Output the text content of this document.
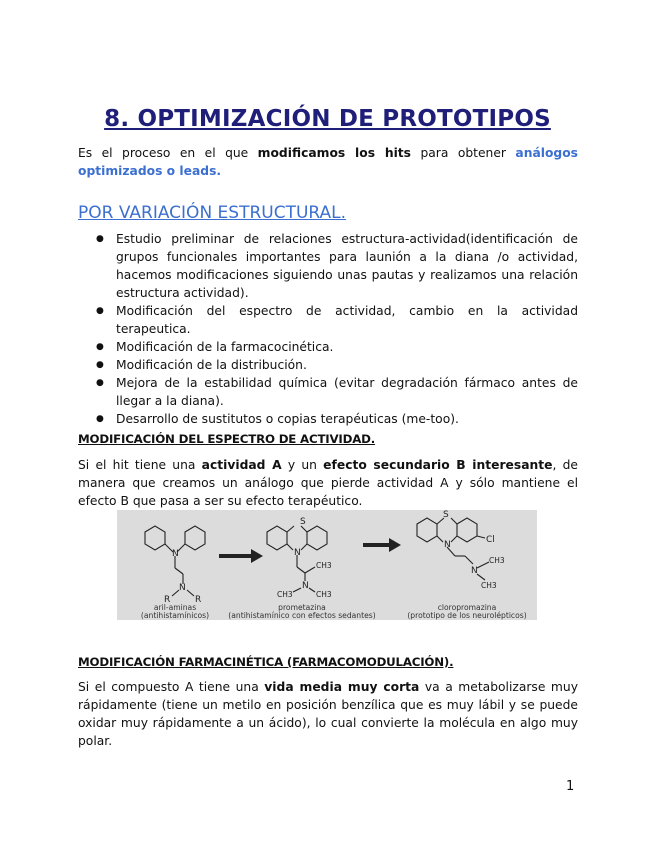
8. OPTIMIZACIÓN DE PROTOTIPOS

Es el proceso en el que modificamos los hits para obtener análogos optimizados o leads.

POR VARIACIÓN ESTRUCTURAL.
● Estudio preliminar de relaciones estructura-actividad(identificación de grupos funcionales importantes para launión a la diana /o actividad, hacemos modificaciones siguiendo unas pautas y realizamos una relación estructura actividad).
● Modificación del espectro de actividad, cambio en la actividad terapeutica.
● Modificación de la farmacocinética.
● Modificación de la distribución.
● Mejora de la estabilidad química (evitar degradación fármaco antes de llegar a la diana).
● Desarrollo de sustitutos o copias terapéuticas (me-too).
MODIFICACIÓN DEL ESPECTRO DE ACTIVIDAD.

Si el hit tiene una actividad A y un efecto secundario B interesante, de manera que creamos un análogo que pierde actividad A y sólo mantiene el efecto B que pasa a ser su efecto terapéutico.

N
N
R	R
S
N
CH3
N
CH3	CH3
S
N	Cl
N
CH3
CH3
aril-aminas
(antihistamínicos)
prometazina
(antihistamínico con efectos sedantes)
cloropromazina
(prototipo de los neurolépticos)
MODIFICACIÓN FARMACINÉTICA (FARMACOMODULACIÓN).

Si el compuesto A tiene una vida media muy corta va a metabolizarse muy rápidamente (tiene un metilo en posición benzílica que es muy lábil y se puede oxidar muy rápidamente a un ácido), lo cual convierte la molécula en algo muy polar.

1
